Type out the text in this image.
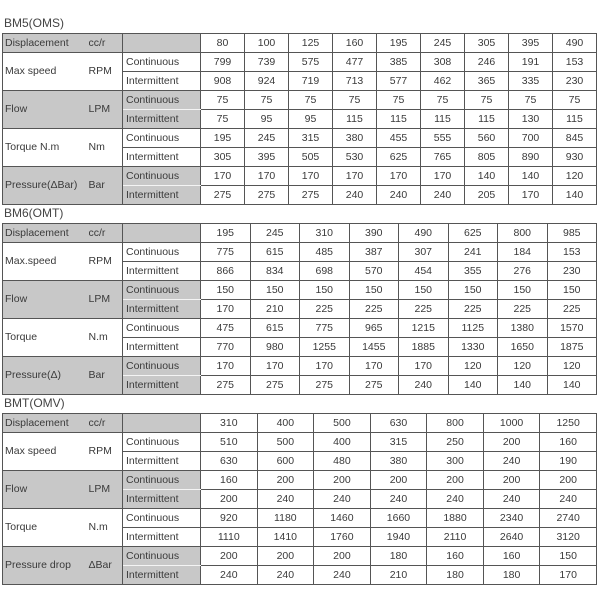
BM5(OMS)
Displacement	cc/r		80	100	125	160	195	245	305	395	490
Max speed	RPM	Continuous	799	739	575	477	385	308	246	191	153
		Intermittent	908	924	719	713	577	462	365	335	230
Flow	LPM	Continuous	75	75	75	75	75	75	75	75	75
		Intermittent	75	95	95	115	115	115	115	130	115
Torque N.m	Nm	Continuous	195	245	315	380	455	555	560	700	845
		Intermittent	305	395	505	530	625	765	805	890	930
Pressure(ΔBar)	Bar	Continuous	170	170	170	170	170	170	140	140	120
		Intermittent	275	275	275	240	240	240	205	170	140
BM6(OMT)
Displacement	cc/r		195	245	310	390	490	625	800	985
Max.speed	RPM	Continuous	775	615	485	387	307	241	184	153
		Intermittent	866	834	698	570	454	355	276	230
Flow	LPM	Continuous	150	150	150	150	150	150	150	150
		Intermittent	170	210	225	225	225	225	225	225
Torque	N.m	Continuous	475	615	775	965	1215	1125	1380	1570
		Intermittent	770	980	1255	1455	1885	1330	1650	1875
Pressure(Δ)	Bar	Continuous	170	170	170	170	170	120	120	120
		Intermittent	275	275	275	275	240	140	140	140
BMT(OMV)
Displacement	cc/r		310	400	500	630	800	1000	1250
Max speed	RPM	Continuous	510	500	400	315	250	200	160
		Intermittent	630	600	480	380	300	240	190
Flow	LPM	Continuous	160	200	200	200	200	200	200
		Intermittent	200	240	240	240	240	240	240
Torque	N.m	Continuous	920	1180	1460	1660	1880	2340	2740
		Intermittent	1110	1410	1760	1940	2110	2640	3120
Pressure drop	ΔBar	Continuous	200	200	200	180	160	160	150
		Intermittent	240	240	240	210	180	180	170
